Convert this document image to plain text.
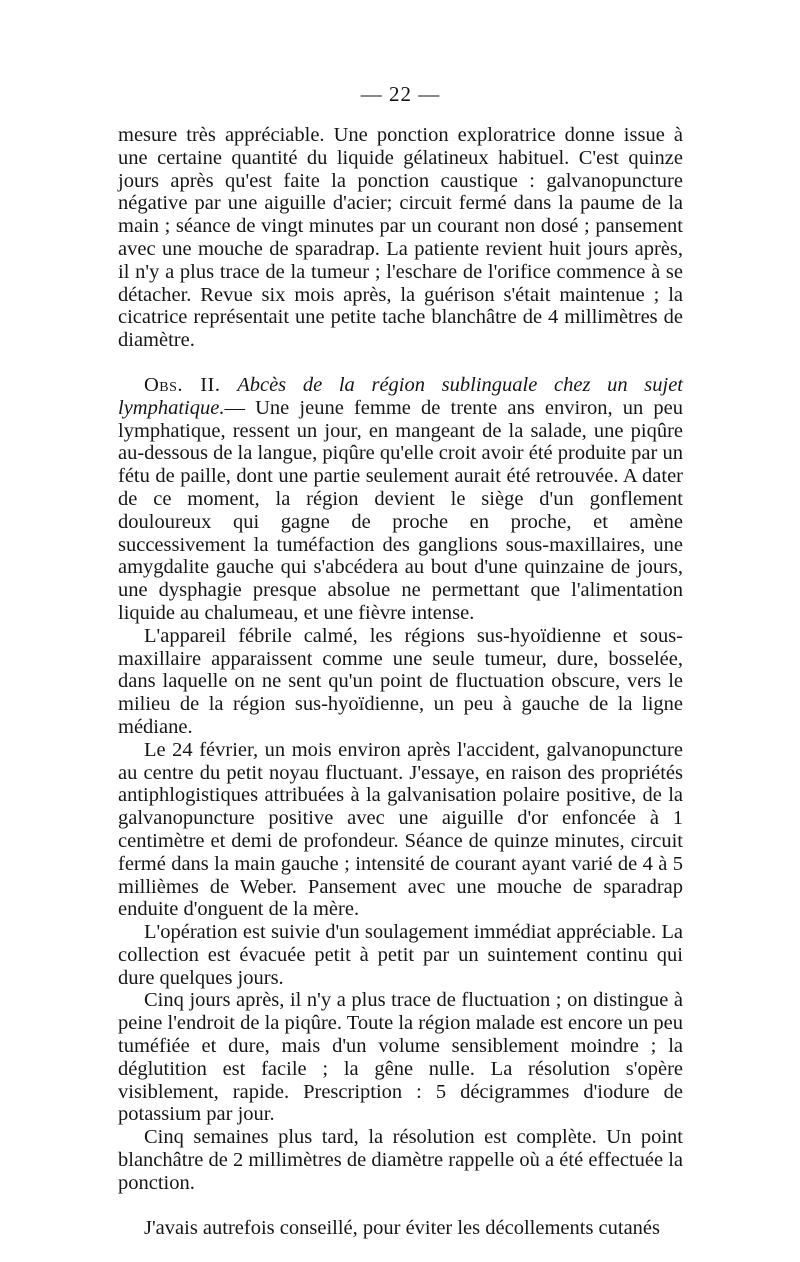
— 22 —

mesure très appréciable. Une ponction exploratrice donne issue à une certaine quantité du liquide gélatineux habituel. C'est quinze jours après qu'est faite la ponction caustique : galvanopuncture négative par une aiguille d'acier; circuit fermé dans la paume de la main ; séance de vingt minutes par un courant non dosé ; pansement avec une mouche de sparadrap. La patiente revient huit jours après, il n'y a plus trace de la tumeur ; l'eschare de l'orifice commence à se détacher. Revue six mois après, la guérison s'était maintenue ; la cicatrice représentait une petite tache blanchâtre de 4 millimètres de diamètre.

Obs. II. Abcès de la région sublinguale chez un sujet lymphatique.— Une jeune femme de trente ans environ, un peu lymphatique, ressent un jour, en mangeant de la salade, une piqûre au-dessous de la langue, piqûre qu'elle croit avoir été produite par un fétu de paille, dont une partie seulement aurait été retrouvée. A dater de ce moment, la région devient le siège d'un gonflement douloureux qui gagne de proche en proche, et amène successivement la tuméfaction des ganglions sous-maxillaires, une amygdalite gauche qui s'abcédera au bout d'une quinzaine de jours, une dysphagie presque absolue ne permettant que l'alimentation liquide au chalumeau, et une fièvre intense.

L'appareil fébrile calmé, les régions sus-hyoïdienne et sous-maxillaire apparaissent comme une seule tumeur, dure, bosselée, dans laquelle on ne sent qu'un point de fluctuation obscure, vers le milieu de la région sus-hyoïdienne, un peu à gauche de la ligne médiane.

Le 24 février, un mois environ après l'accident, galvanopuncture au centre du petit noyau fluctuant. J'essaye, en raison des propriétés antiphlogistiques attribuées à la galvanisation polaire positive, de la galvanopuncture positive avec une aiguille d'or enfoncée à 1 centimètre et demi de profondeur. Séance de quinze minutes, circuit fermé dans la main gauche ; intensité de courant ayant varié de 4 à 5 millièmes de Weber. Pansement avec une mouche de sparadrap enduite d'onguent de la mère.

L'opération est suivie d'un soulagement immédiat appréciable. La collection est évacuée petit à petit par un suintement continu qui dure quelques jours.

Cinq jours après, il n'y a plus trace de fluctuation ; on distingue à peine l'endroit de la piqûre. Toute la région malade est encore un peu tuméfiée et dure, mais d'un volume sensiblement moindre ; la déglutition est facile ; la gêne nulle. La résolution s'opère visiblement, rapide. Prescription : 5 décigrammes d'iodure de potassium par jour.

Cinq semaines plus tard, la résolution est complète. Un point blanchâtre de 2 millimètres de diamètre rappelle où a été effectuée la ponction.

J'avais autrefois conseillé, pour éviter les décollements cutanés
